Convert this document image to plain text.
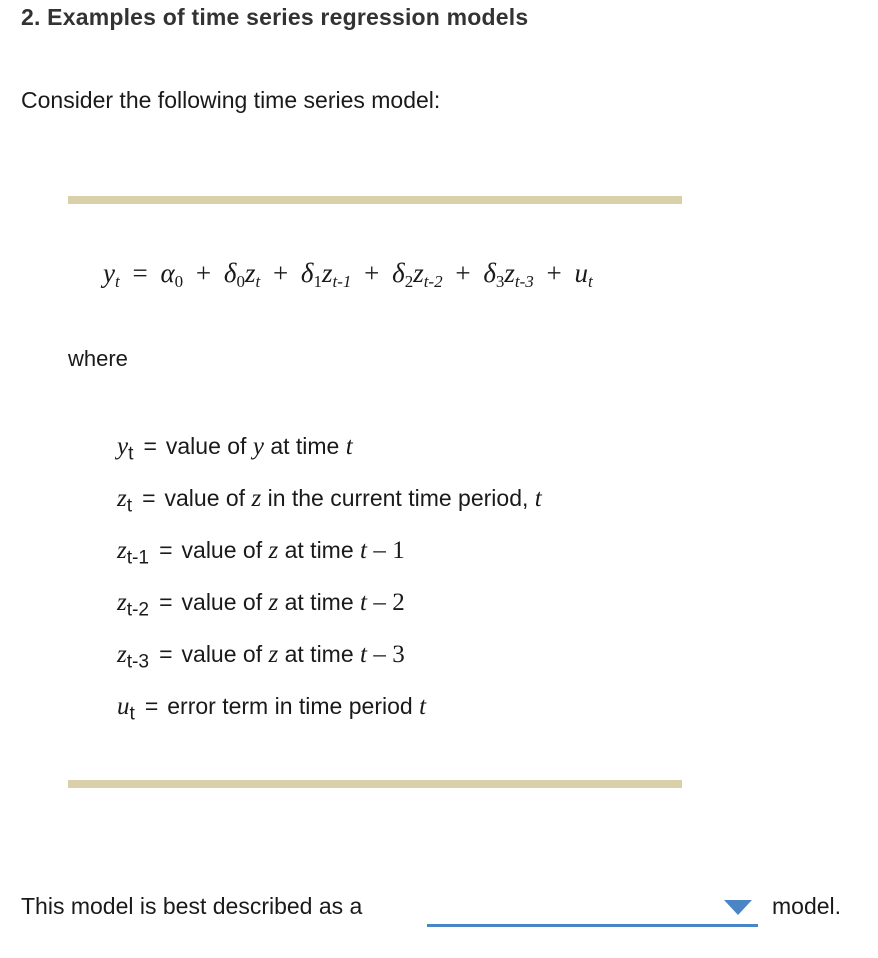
2. Examples of time series regression models

Consider the following time series model:

$y_t = \alpha_0 + \delta_0z_t + \delta_1z_{t-1} + \delta_2z_{t-2} + \delta_3z_{t-3} + u_t$

where

$y_t$ = value of y at time t
$z_t$ = value of z in the current time period, t
$z_{t-1}$ = value of z at time t – 1
$z_{t-2}$ = value of z at time t – 2
$z_{t-3}$ = value of z at time t – 3
$u_t$ = error term in time period t
This model is best described as a	model.
